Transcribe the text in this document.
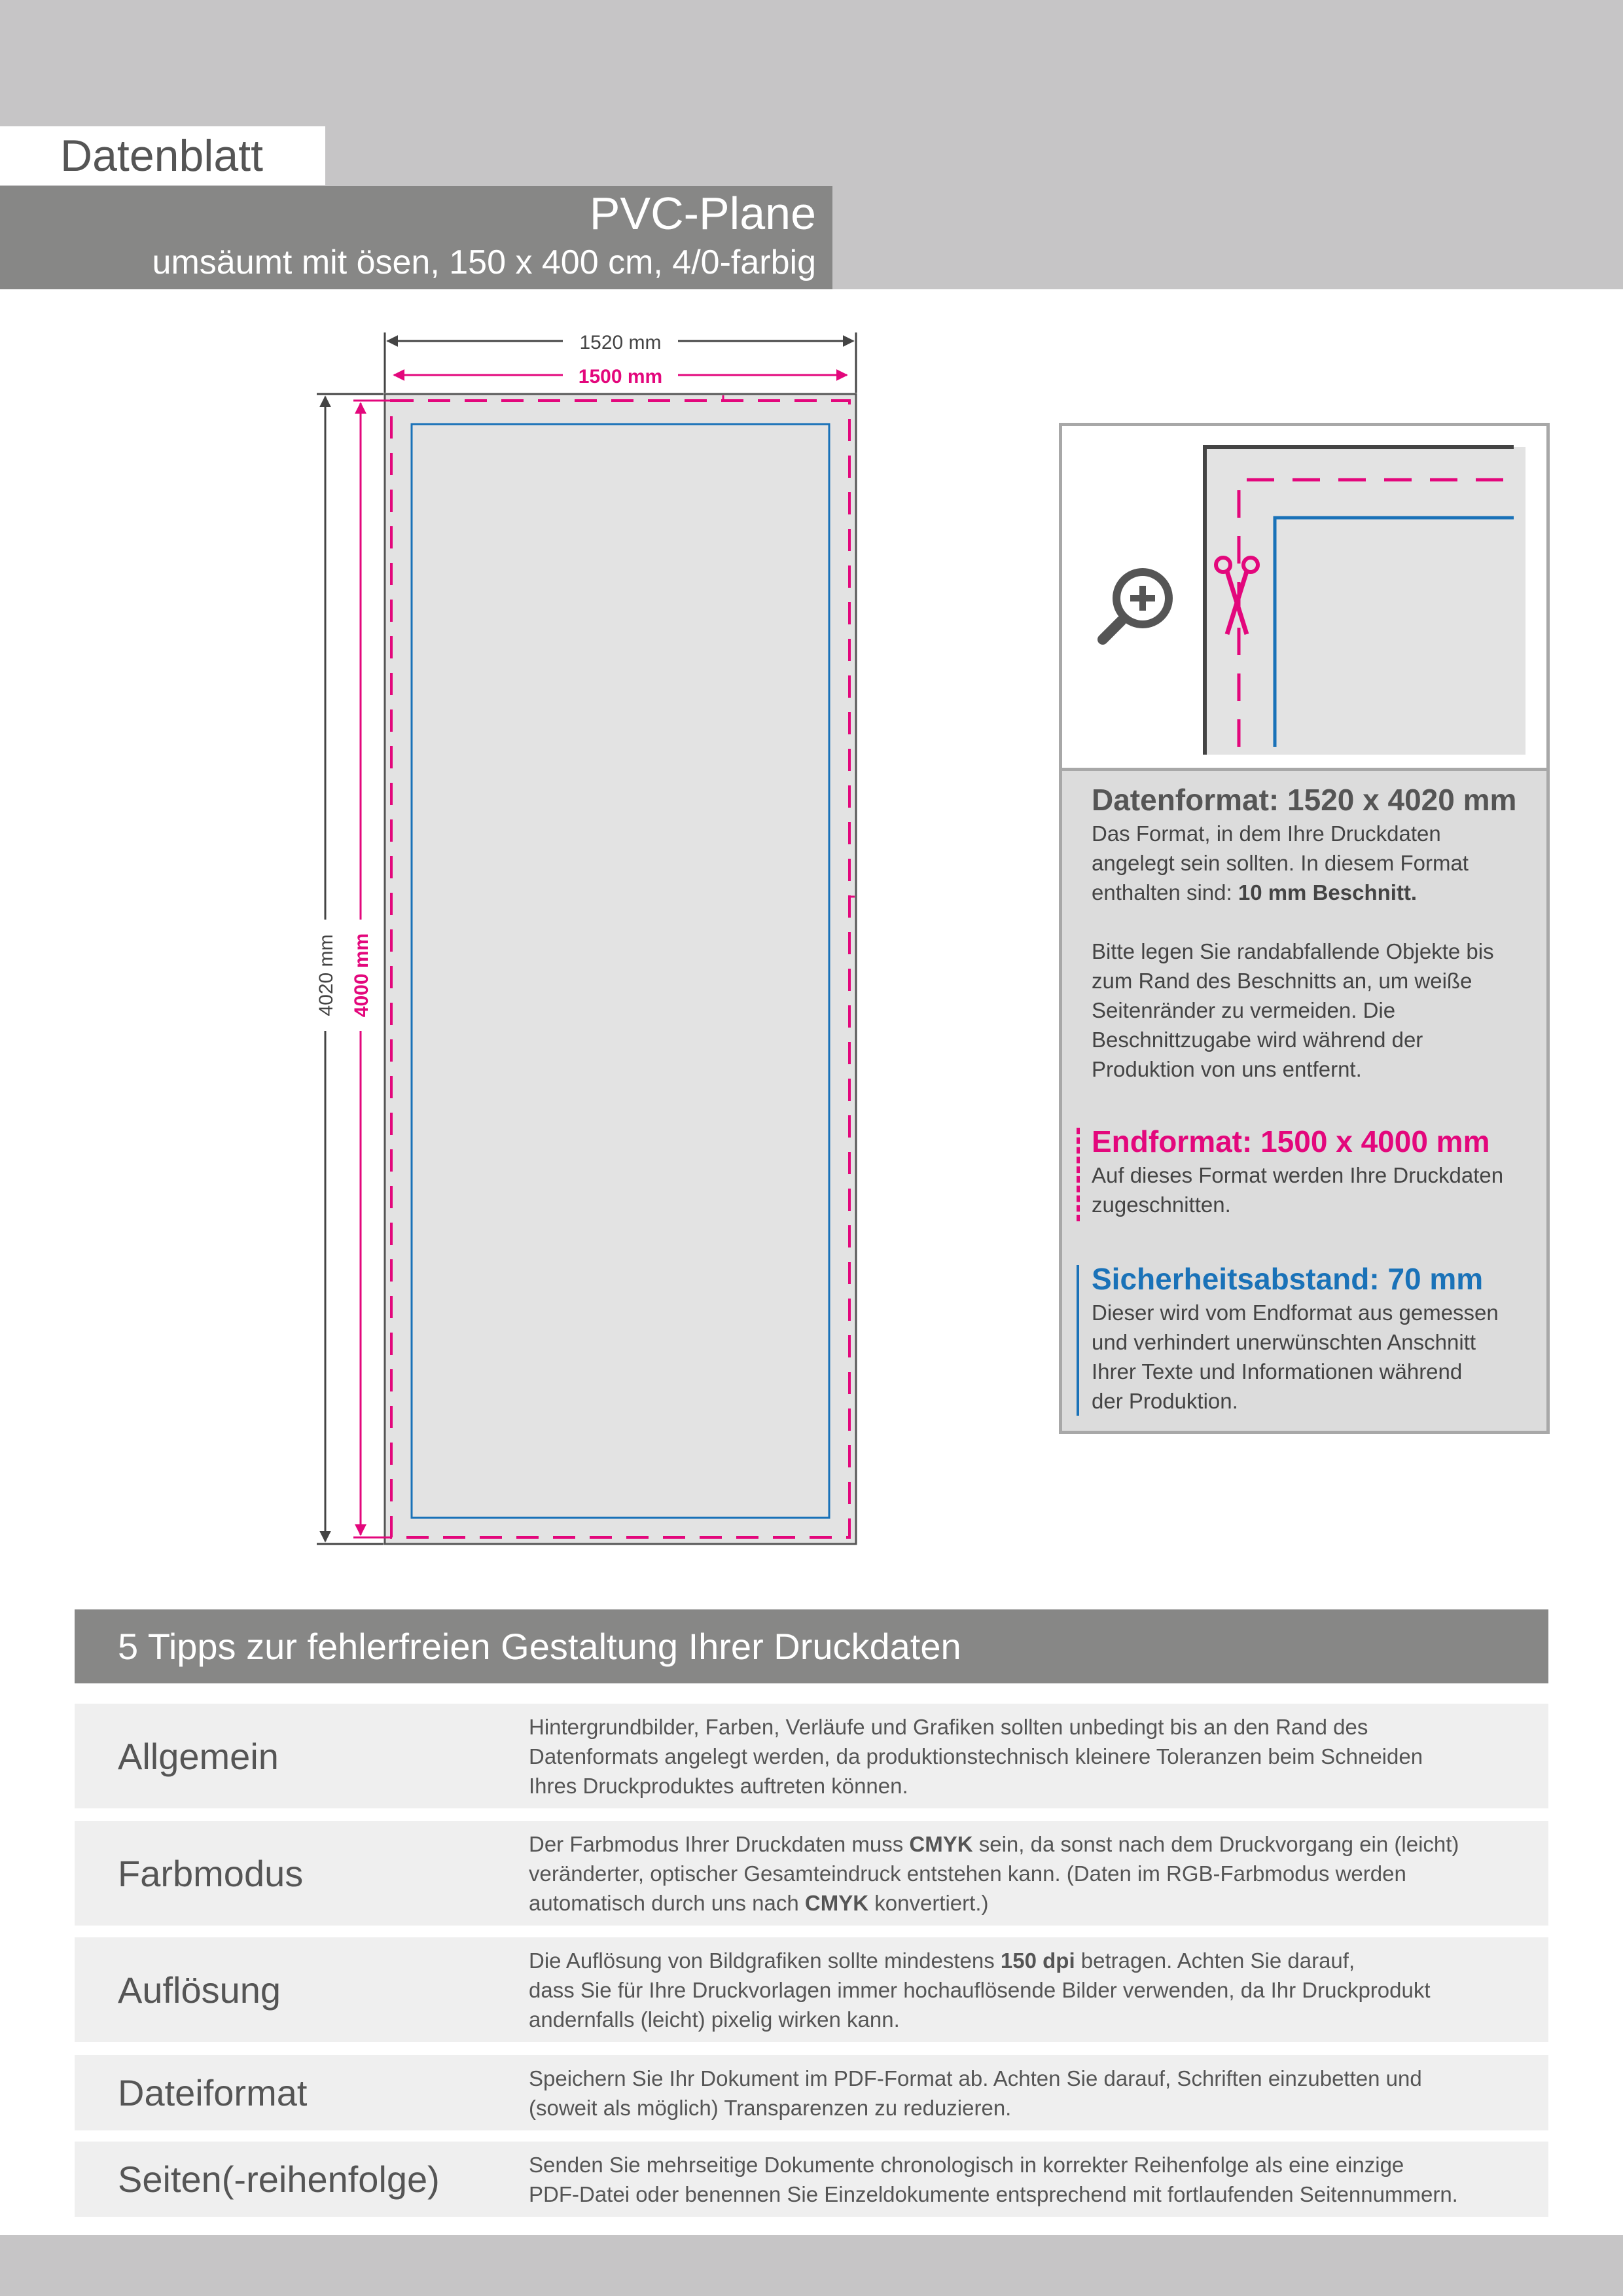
Datenblatt
PVC-Plane
umsäumt mit ösen, 150 x 400 cm, 4/0-farbig
1520 mm
1500 mm
4020 mm 4000 mm
Datenformat: 1520 x 4020 mm

Das Format, in dem Ihre Druckdaten

angelegt sein sollten. In diesem Format

enthalten sind: 10 mm Beschnitt.

Bitte legen Sie randabfallende Objekte bis

zum Rand des Beschnitts an, um weiße

Seitenränder zu vermeiden. Die

Beschnittzugabe wird während der

Produktion von uns entfernt.

Endformat: 1500 x 4000 mm

Auf dieses Format werden Ihre Druckdaten

zugeschnitten.

Sicherheitsabstand: 70 mm

Dieser wird vom Endformat aus gemessen

und verhindert unerwünschten Anschnitt

Ihrer Texte und Informationen während

der Produktion.

5 Tipps zur fehlerfreien Gestaltung Ihrer Druckdaten
Allgemein
Hintergrundbilder, Farben, Verläufe und Grafiken sollten unbedingt bis an den Rand des
Datenformats angelegt werden, da produktionstechnisch kleinere Toleranzen beim Schneiden
Ihres Druckproduktes auftreten können.
Farbmodus
Der Farbmodus Ihrer Druckdaten muss CMYK sein, da sonst nach dem Druckvorgang ein (leicht)
veränderter, optischer Gesamteindruck entstehen kann. (Daten im RGB-Farbmodus werden
automatisch durch uns nach CMYK konvertiert.)
Auflösung
Die Auflösung von Bildgrafiken sollte mindestens 150 dpi betragen. Achten Sie darauf,
dass Sie für Ihre Druckvorlagen immer hochauflösende Bilder verwenden, da Ihr Druckprodukt
andernfalls (leicht) pixelig wirken kann.
Dateiformat	Speichern Sie Ihr Dokument im PDF-Format ab. Achten Sie darauf, Schriften einzubetten und
(soweit als möglich) Transparenzen zu reduzieren.
Seiten(-reihenfolge)	Senden Sie mehrseitige Dokumente chronologisch in korrekter Reihenfolge als eine einzige
PDF-Datei oder benennen Sie Einzeldokumente entsprechend mit fortlaufenden Seitennummern.
